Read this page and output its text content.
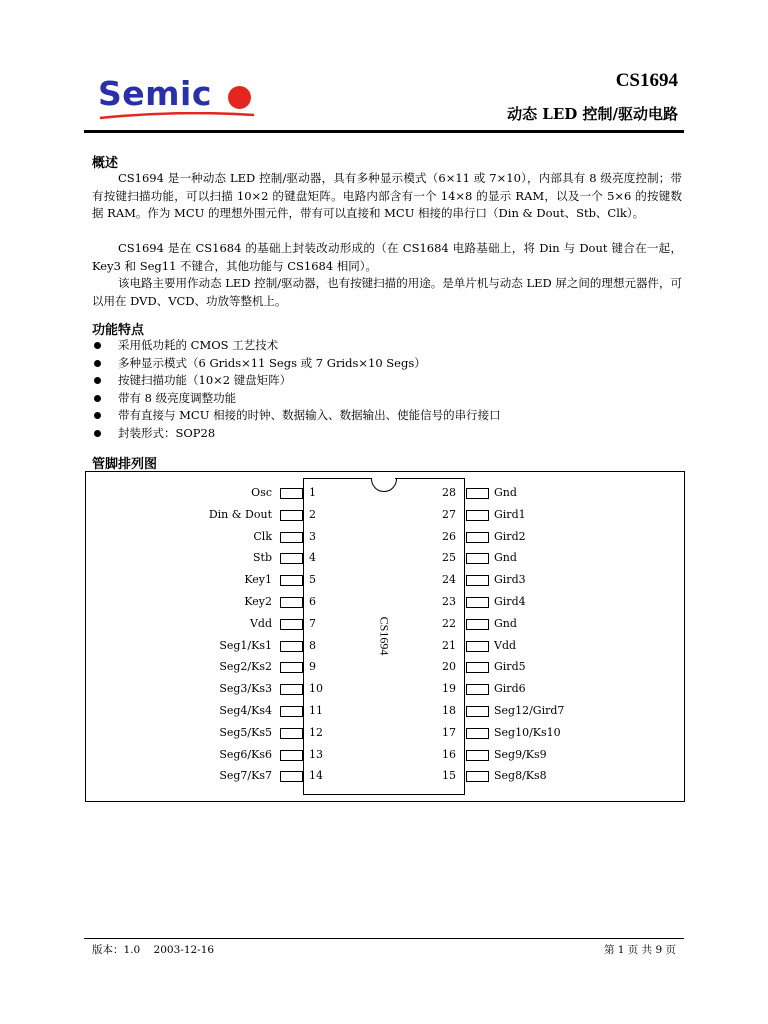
Semic	CS1694
动态 LED 控制/驱动电路
概述
CS1694 是一种动态 LED 控制/驱动器，具有多种显示模式（6×11 或 7×10），内部具有 8 级亮度控制；带有按键扫描功能，可以扫描 10×2 的键盘矩阵。电路内部含有一个 14×8 的显示 RAM，以及一个 5×6 的按键数据 RAM。作为 MCU 的理想外围元件，带有可以直接和 MCU 相接的串行口（Din & Dout、Stb、Clk）。
CS1694 是在 CS1684 的基础上封装改动形成的（在 CS1684 电路基础上，将 Din 与 Dout 键合在一起，Key3 和 Seg11 不键合，其他功能与 CS1684 相同）。
该电路主要用作动态 LED 控制/驱动器，也有按键扫描的用途。是单片机与动态 LED 屏之间的理想元器件，可以用在 DVD、VCD、功放等整机上。
功能特点
采用低功耗的 CMOS 工艺技术
多种显示模式（6 Grids×11 Segs 或 7 Grids×10 Segs）
按键扫描功能（10×2 键盘矩阵）
带有 8 级亮度调整功能
带有直接与 MCU 相接的时钟、数据输入、数据输出、使能信号的串行接口
封装形式：SOP28
管脚排列图
CS1694
Osc	1	28	Gnd
Din & Dout	2	27	Gird1
Clk	3	26	Gird2
Stb	4	25	Gnd
Key1	5	24	Gird3
Key2	6	23	Gird4
Vdd	7	22	Gnd
Seg1/Ks1	8	21	Vdd
Seg2/Ks2	9	20	Gird5
Seg3/Ks3	10	19	Gird6
Seg4/Ks4	11	18	Seg12/Gird7
Seg5/Ks5	12	17	Seg10/Ks10
Seg6/Ks6	13	16	Seg9/Ks9
Seg7/Ks7	14	15	Seg8/Ks8
版本：1.0    2003-12-16	第 1 页 共 9 页
